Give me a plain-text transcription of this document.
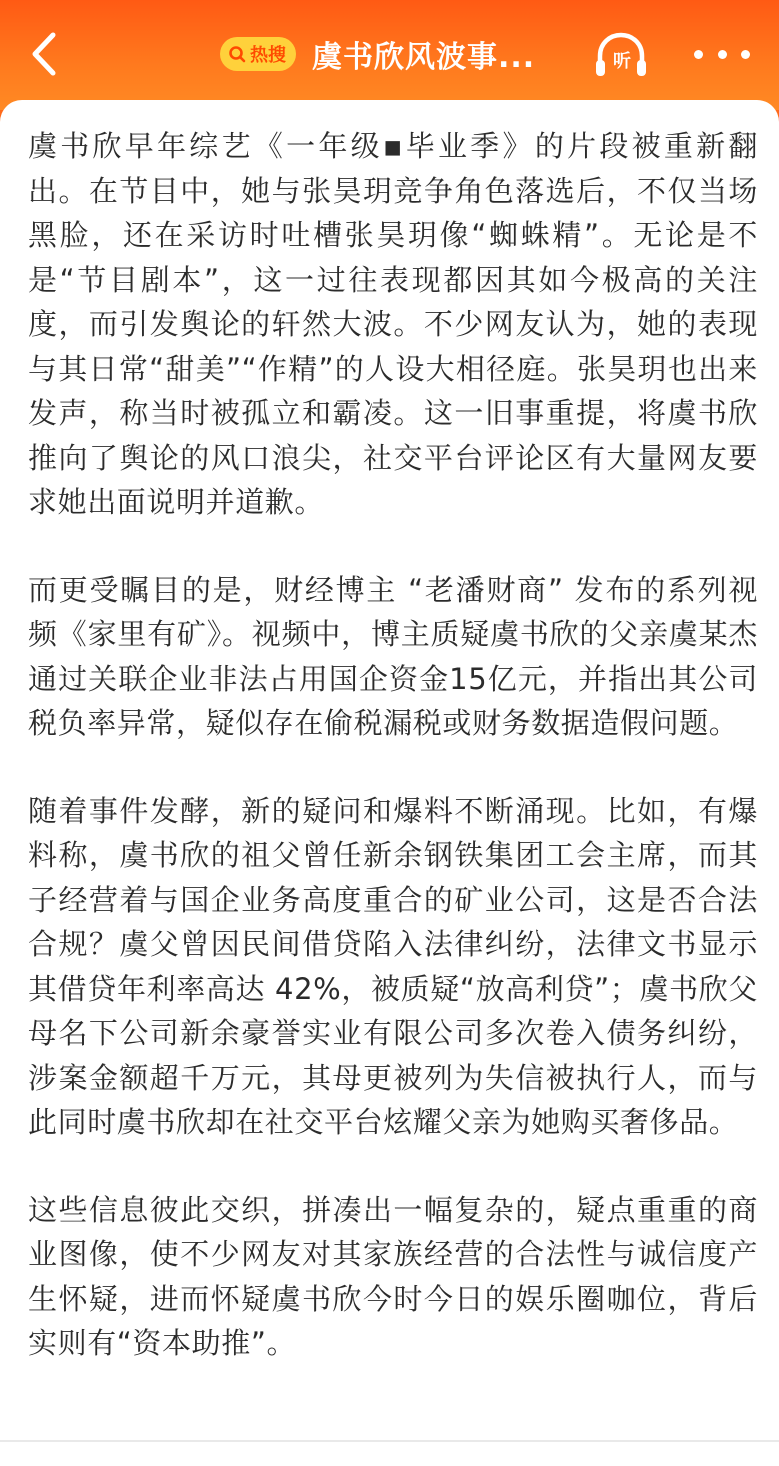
热搜 虞书欣风波事...	听

虞书欣早年综艺《一年级▪毕业季》的片段被重新翻出。在节目中，她与张昊玥竞争角色落选后，不仅当场黑脸，还在采访时吐槽张昊玥像“蜘蛛精”。无论是不是“节目剧本”，这一过往表现都因其如今极高的关注度，而引发舆论的轩然大波。不少网友认为，她的表现与其日常“甜美”“作精”的人设大相径庭。张昊玥也出来发声，称当时被孤立和霸凌。这一旧事重提，将虞书欣推向了舆论的风口浪尖，社交平台评论区有大量网友要求她出面说明并道歉。

而更受瞩目的是，财经博主 “老潘财商” 发布的系列视频《家里有矿》。视频中，博主质疑虞书欣的父亲虞某杰通过关联企业非法占用国企资金15亿元，并指出其公司税负率异常，疑似存在偷税漏税或财务数据造假问题。

随着事件发酵，新的疑问和爆料不断涌现。比如，有爆料称，虞书欣的祖父曾任新余钢铁集团工会主席，而其子经营着与国企业务高度重合的矿业公司，这是否合法合规？虞父曾因民间借贷陷入法律纠纷，法律文书显示其借贷年利率高达 42%，被质疑“放高利贷”；虞书欣父母名下公司新余豪誉实业有限公司多次卷入债务纠纷，涉案金额超千万元，其母更被列为失信被执行人，而与此同时虞书欣却在社交平台炫耀父亲为她购买奢侈品。

这些信息彼此交织，拼凑出一幅复杂的，疑点重重的商业图像，使不少网友对其家族经营的合法性与诚信度产生怀疑，进而怀疑虞书欣今时今日的娱乐圈咖位，背后实则有“资本助推”。
